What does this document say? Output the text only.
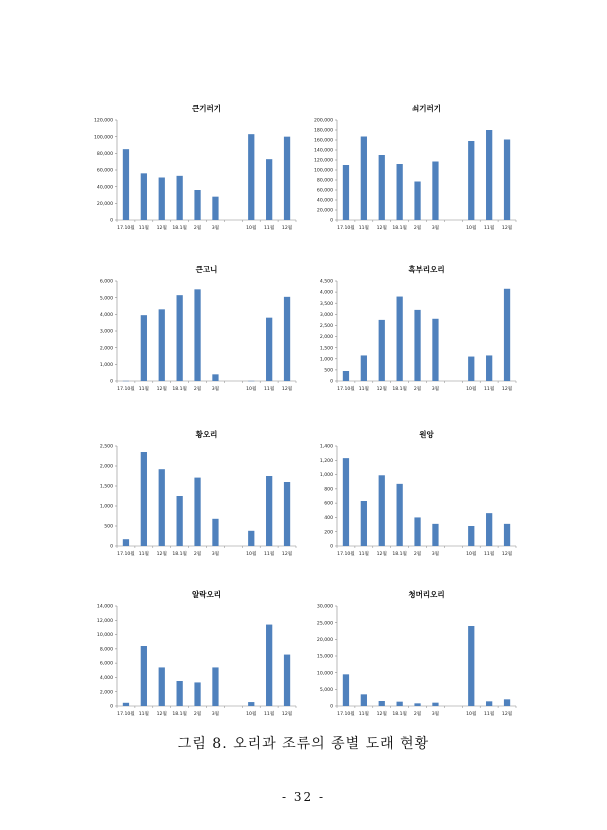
큰기러기
0
20,000
40,000
60,000
80,000
100,000
120,000
17.10월 11월 12월 18.1월 2월 3월	10월 11월 12월
쇠기러기
0
20,000
40,000
60,000
80,000
100,000
120,000
140,000
160,000
180,000
200,000
17.10월 11월 12월 18.1월 2월 3월	10월 11월 12월
큰고니
0
1,000
2,000
3,000
4,000
5,000
6,000
17.10월 11월 12월 18.1월 2월 3월	10월 11월 12월
흑부리오리
0
500
1,000
1,500
2,000
2,500
3,000
3,500
4,000
4,500
17.10월 11월 12월 18.1월 2월 3월	10월 11월 12월
황오리
0
500
1,000
1,500
2,000
2,500
17.10월 11월 12월 18.1월 2월 3월	10월 11월 12월
원앙
0
200
400
600
800
1,000
1,200
1,400
17.10월 11월 12월 18.1월 2월 3월	10월 11월 12월
알락오리
0
2,000
4,000
6,000
8,000
10,000
12,000
14,000
17.10월 11월 12월 18.1월 2월 3월	10월 11월 12월
청머리오리
0
5,000
10,000
15,000
20,000
25,000
30,000
17.10월 11월 12월 18.1월 2월 3월	10월 11월 12월
그림 8. 오리과 조류의 종별 도래 현황
- 32 -
